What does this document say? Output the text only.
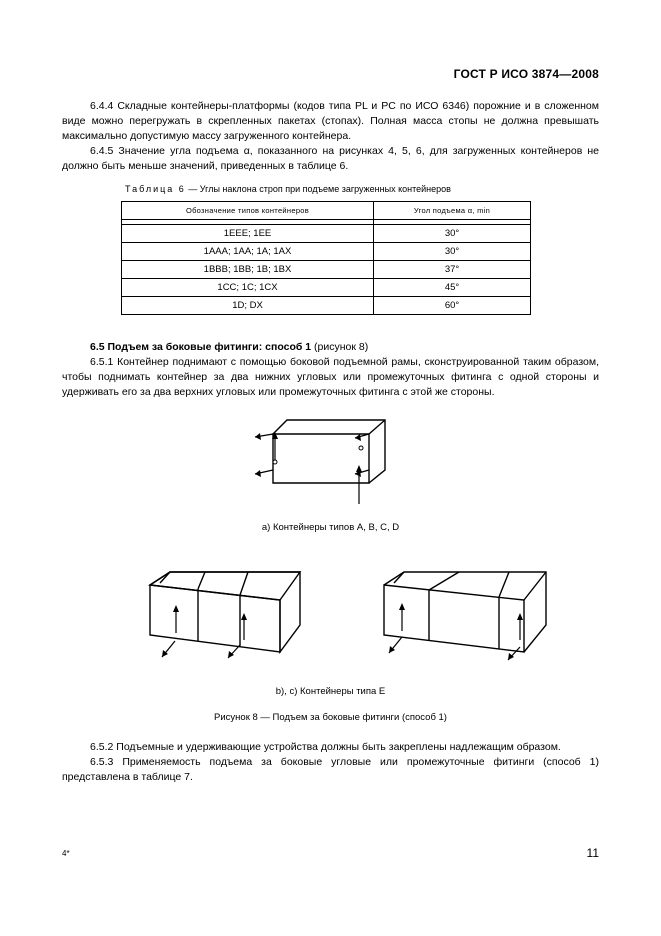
ГОСТ Р ИСО 3874—2008

6.4.4 Складные контейнеры-платформы (кодов типа PL и PC по ИСО 6346) порожние и в сложенном виде можно перегружать в скрепленных пакетах (стопах). Полная масса стопы не должна превышать максимально допустимую массу загруженного контейнера.

6.4.5 Значение угла подъема α, показанного на рисунках 4, 5, 6, для загруженных контейнеров не должно быть меньше значений, приведенных в таблице 6.

Таблица 6 — Углы наклона строп при подъеме загруженных контейнеров
Обозначение типов контейнеров	Угол подъема α, min

1EEE; 1EE	30°
1AAA; 1AA; 1A; 1AX	30°
1BBB; 1BB; 1B; 1BX	37°
1CC; 1C; 1CX	45°
1D; DX	60°

6.5 Подъем за боковые фитинги: способ 1 (рисунок 8)

6.5.1 Контейнер поднимают с помощью боковой подъемной рамы, сконструированной таким образом, чтобы поднимать контейнер за два нижних угловых или промежуточных фитинга с одной стороны и удерживать его за два верхних угловых или промежуточных фитинга с этой же стороны.

а) Контейнеры типов A, B, C, D
b), с) Контейнеры типа E
Рисунок 8 — Подъем за боковые фитинги (способ 1)

6.5.2 Подъемные и удерживающие устройства должны быть закреплены надлежащим образом.

6.5.3 Применяемость подъема за боковые угловые или промежуточные фитинги (способ 1) представлена в таблице 7.

4*	11
